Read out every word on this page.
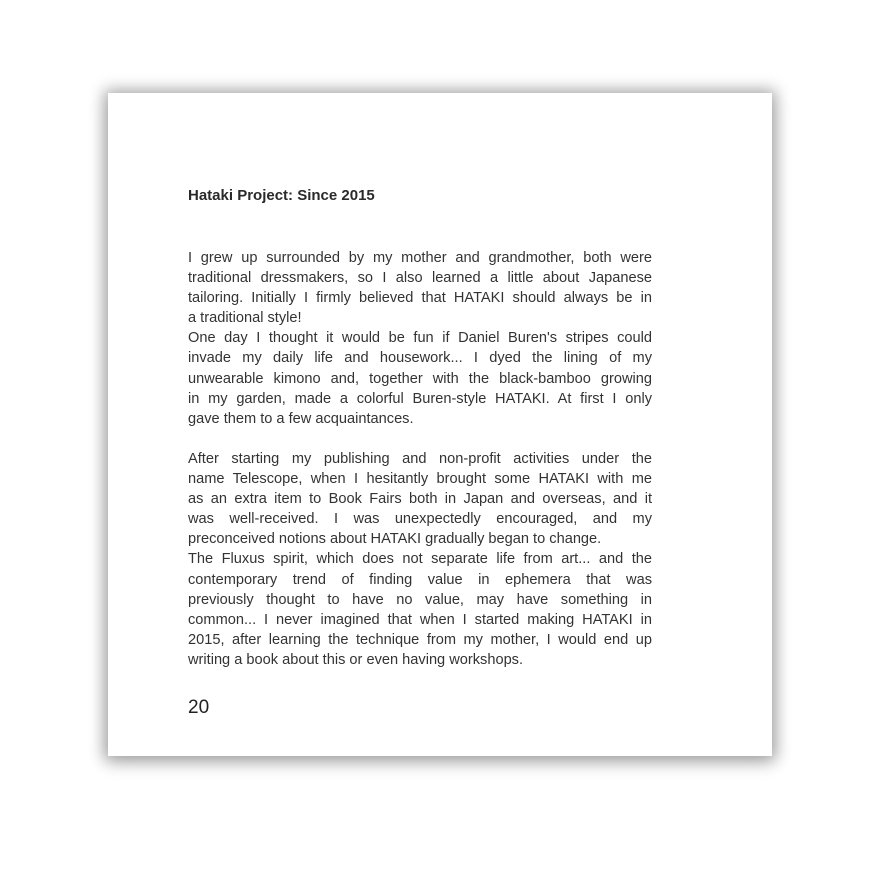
Hataki Project: Since 2015
I grew up surrounded by my mother and grandmother, both were
traditional dressmakers, so I also learned a little about Japanese
tailoring. Initially I firmly believed that HATAKI should always be in
a traditional style!
One day I thought it would be fun if Daniel Buren's stripes could
invade my daily life and housework... I dyed the lining of my
unwearable kimono and, together with the black-bamboo growing
in my garden, made a colorful Buren-style HATAKI. At first I only
gave them to a few acquaintances.
After starting my publishing and non-profit activities under the
name Telescope, when I hesitantly brought some HATAKI with me
as an extra item to Book Fairs both in Japan and overseas, and it
was well-received. I was unexpectedly encouraged, and my
preconceived notions about HATAKI gradually began to change.
The Fluxus spirit, which does not separate life from art... and the
contemporary trend of finding value in ephemera that was
previously thought to have no value, may have something in
common... I never imagined that when I started making HATAKI in
2015, after learning the technique from my mother, I would end up
writing a book about this or even having workshops.
20
